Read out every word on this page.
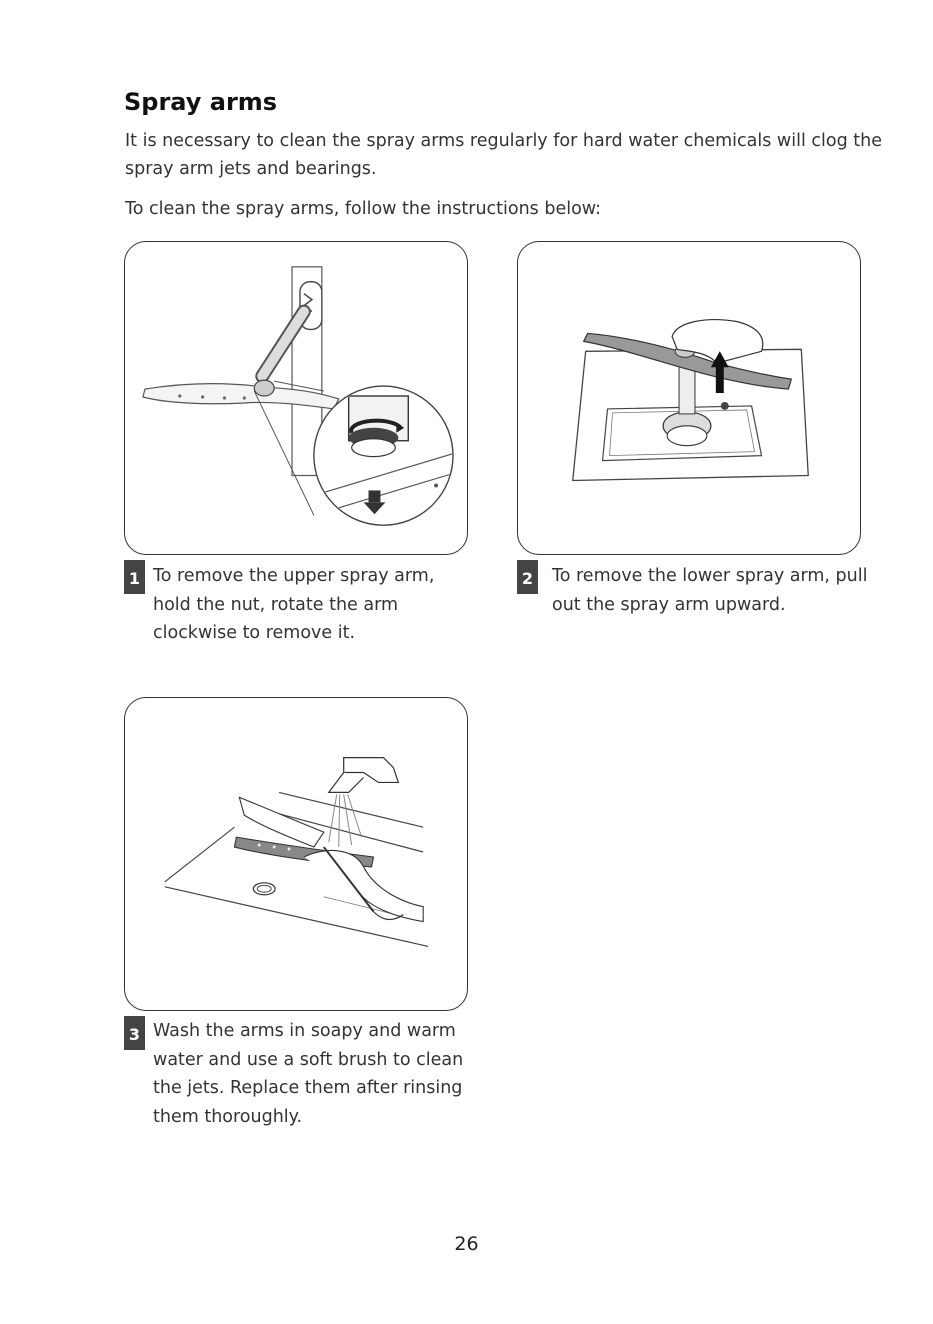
Spray arms

It is necessary to clean the spray arms regularly for hard water chemicals will clog the spray arm jets and bearings.

To clean the spray arms, follow the instructions below:

1 To remove the upper spray arm, hold the nut, rotate the arm clockwise to remove it.

2 To remove the lower spray arm, pull out the spray arm upward.

3 Wash the arms in soapy and warm water and use a soft brush to clean the jets. Replace them after rinsing them thoroughly.

26
